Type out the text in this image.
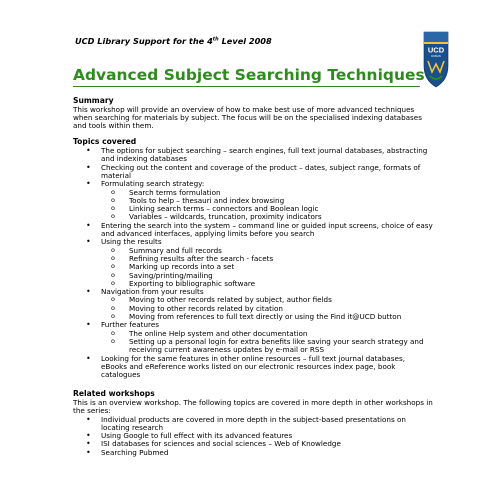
UCD Library Support for the 4th Level 2008
UCD
DUBLIN
Advanced Subject Searching Techniques
Summary

This workshop will provide an overview of how to make best use of more advanced techniques when searching for materials by subject. The focus will be on the specialised indexing databases and tools within them.

Topics covered
• The options for subject searching – search engines, full text journal databases, abstracting and indexing databases
• Checking out the content and coverage of the product – dates, subject range, formats of material
• Formulating search strategy:
o Search terms formulation
o Tools to help – thesauri and index browsing
o Linking search terms – connectors and Boolean logic
o Variables – wildcards, truncation, proximity indicators
• Entering the search into the system – command line or guided input screens, choice of easy and advanced interfaces, applying limits before you search
• Using the results
o Summary and full records
o Refining results after the search - facets
o Marking up records into a set
o Saving/printing/mailing
o Exporting to bibliographic software
• Navigation from your results
o Moving to other records related by subject, author fields
o Moving to other records related by citation
o Moving from references to full text directly or using the Find it@UCD button
• Further features
o The online Help system and other documentation
o Setting up a personal login for extra benefits like saving your search strategy and receiving current awareness updates by e-mail or RSS
• Looking for the same features in other online resources – full text journal databases, eBooks and eReference works listed on our electronic resources index page, book catalogues
Related workshops

This is an overview workshop. The following topics are covered in more depth in other workshops in the series:

• Individual products are covered in more depth in the subject-based presentations on locating research
• Using Google to full effect with its advanced features
• ISI databases for sciences and social sciences – Web of Knowledge
• Searching Pubmed
